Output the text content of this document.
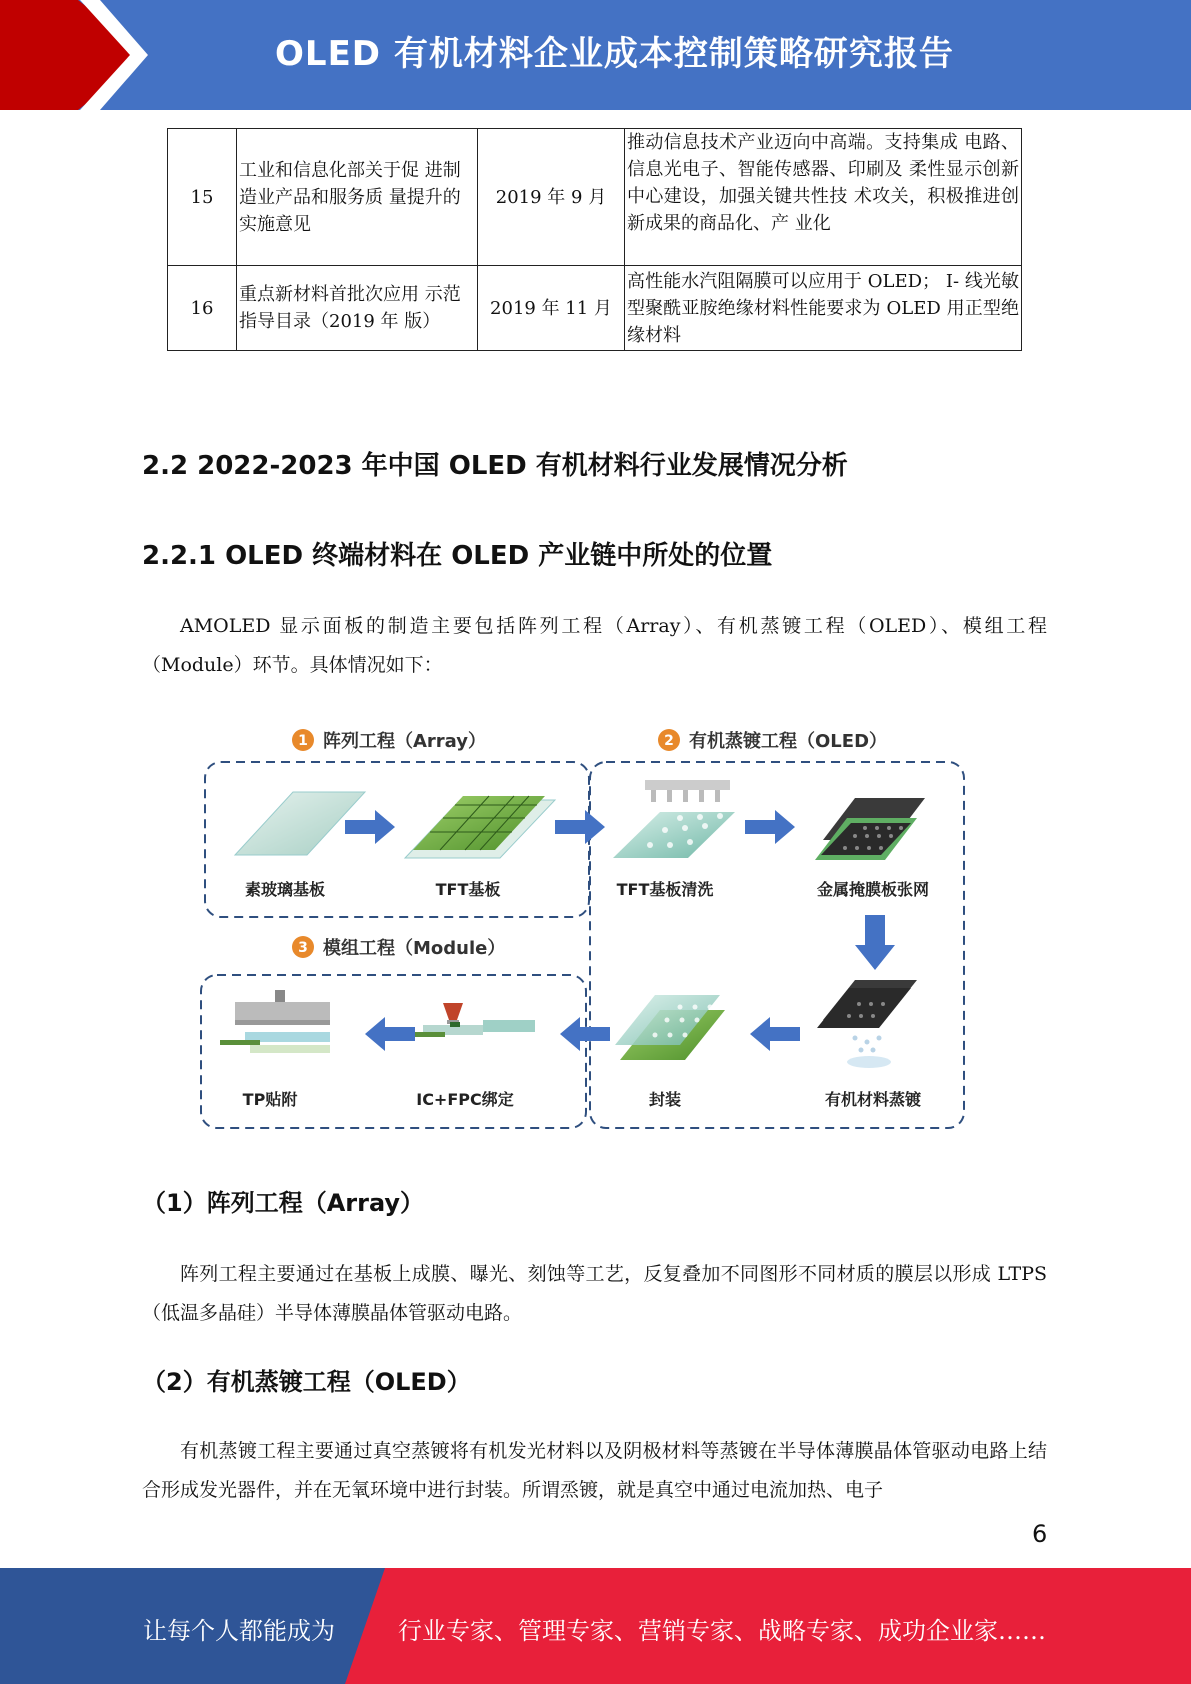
OLED 有机材料企业成本控制策略研究报告
15	工业和信息化部关于促 进制造业产品和服务质 量提升的实施意见	2019 年 9 月	推动信息技术产业迈向中高端。支持集成 电路、信息光电子、智能传感器、印刷及 柔性显示创新中心建设，加强关键共性技 术攻关，积极推进创新成果的商品化、产 业化
16	重点新材料首批次应用 示范指导目录（2019 年 版）	2019 年 11 月	高性能水汽阻隔膜可以应用于 OLED； I- 线光敏型聚酰亚胺绝缘材料性能要求为 OLED 用正型绝缘材料
2.2 2022-2023 年中国 OLED 有机材料行业发展情况分析
2.2.1 OLED 终端材料在 OLED 产业链中所处的位置
AMOLED 显示面板的制造主要包括阵列工程（Array）、有机蒸镀工程（OLED）、模组工程（Module）环节。具体情况如下：
1 阵列工程（Array）	2 有机蒸镀工程（OLED）
3 模组工程（Module）
素玻璃基板	TFT基板	TFT基板清洗	金属掩膜板张网
有机材料蒸镀
封装
IC+FPC绑定
TP贴附
（1）阵列工程（Array）
阵列工程主要通过在基板上成膜、曝光、刻蚀等工艺，反复叠加不同图形不同材质的膜层以形成 LTPS（低温多晶硅）半导体薄膜晶体管驱动电路。
（2）有机蒸镀工程（OLED）
有机蒸镀工程主要通过真空蒸镀将有机发光材料以及阴极材料等蒸镀在半导体薄膜晶体管驱动电路上结合形成发光器件，并在无氧环境中进行封装。所谓烝镀，就是真空中通过电流加热、电子
6
让每个人都能成为	行业专家、管理专家、营销专家、战略专家、成功企业家……
